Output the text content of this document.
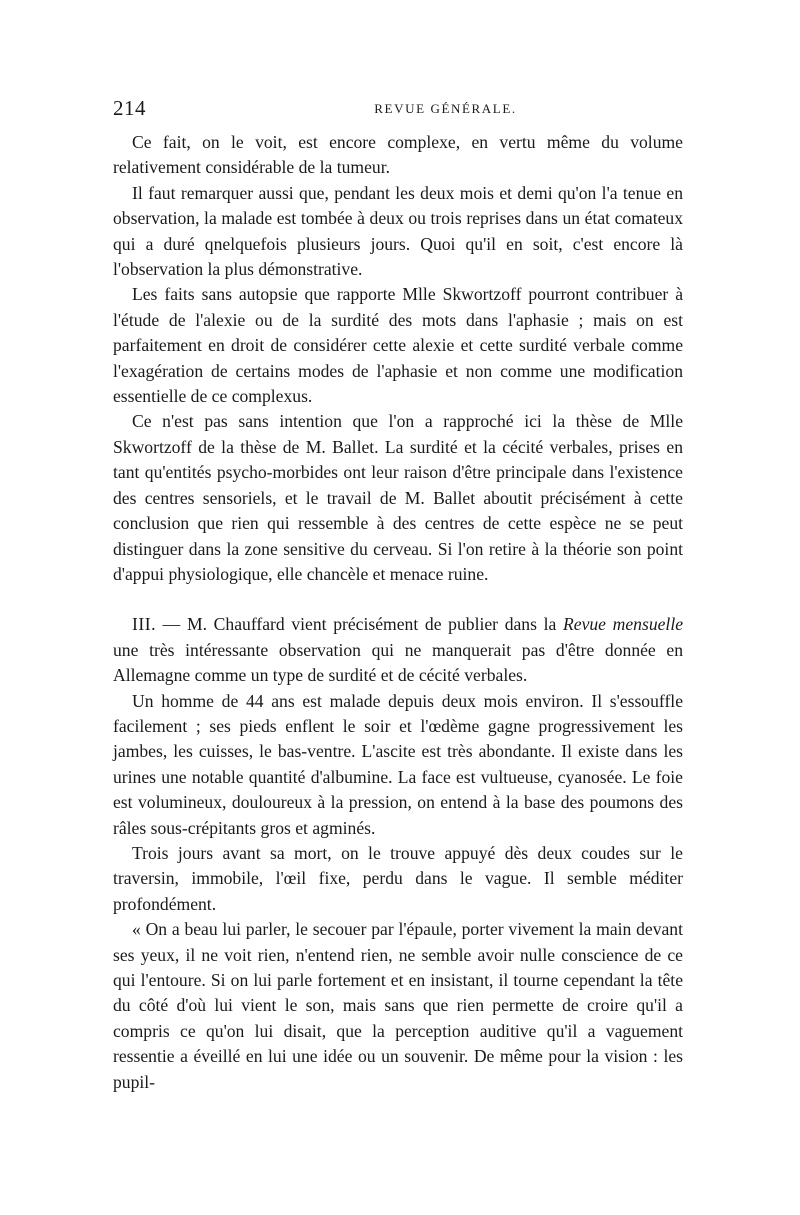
214	REVUE GÉNÉRALE.

Ce fait, on le voit, est encore complexe, en vertu même du volume relativement considérable de la tumeur.

Il faut remarquer aussi que, pendant les deux mois et demi qu'on l'a tenue en observation, la malade est tombée à deux ou trois reprises dans un état comateux qui a duré qnelquefois plusieurs jours. Quoi qu'il en soit, c'est encore là l'observation la plus démonstrative.

Les faits sans autopsie que rapporte Mlle Skwortzoff pourront contribuer à l'étude de l'alexie ou de la surdité des mots dans l'aphasie ; mais on est parfaitement en droit de considérer cette alexie et cette surdité verbale comme l'exagération de certains modes de l'aphasie et non comme une modification essentielle de ce complexus.

Ce n'est pas sans intention que l'on a rapproché ici la thèse de Mlle Skwortzoff de la thèse de M. Ballet. La surdité et la cécité verbales, prises en tant qu'entités psycho-morbides ont leur raison d'être principale dans l'existence des centres sensoriels, et le travail de M. Ballet aboutit précisément à cette conclusion que rien qui ressemble à des centres de cette espèce ne se peut distinguer dans la zone sensitive du cerveau. Si l'on retire à la théorie son point d'appui physiologique, elle chancèle et menace ruine.

III. — M. Chauffard vient précisément de publier dans la Revue mensuelle une très intéressante observation qui ne manquerait pas d'être donnée en Allemagne comme un type de surdité et de cécité verbales.

Un homme de 44 ans est malade depuis deux mois environ. Il s'essouffle facilement ; ses pieds enflent le soir et l'œdème gagne progressivement les jambes, les cuisses, le bas-ventre. L'ascite est très abondante. Il existe dans les urines une notable quantité d'albumine. La face est vultueuse, cyanosée. Le foie est volumineux, douloureux à la pression, on entend à la base des poumons des râles sous-crépitants gros et agminés.

Trois jours avant sa mort, on le trouve appuyé dès deux coudes sur le traversin, immobile, l'œil fixe, perdu dans le vague. Il semble méditer profondément.

« On a beau lui parler, le secouer par l'épaule, porter vivement la main devant ses yeux, il ne voit rien, n'entend rien, ne semble avoir nulle conscience de ce qui l'entoure. Si on lui parle fortement et en insistant, il tourne cependant la tête du côté d'où lui vient le son, mais sans que rien permette de croire qu'il a compris ce qu'on lui disait, que la perception auditive qu'il a vaguement ressentie a éveillé en lui une idée ou un souvenir. De même pour la vision : les pupil-
